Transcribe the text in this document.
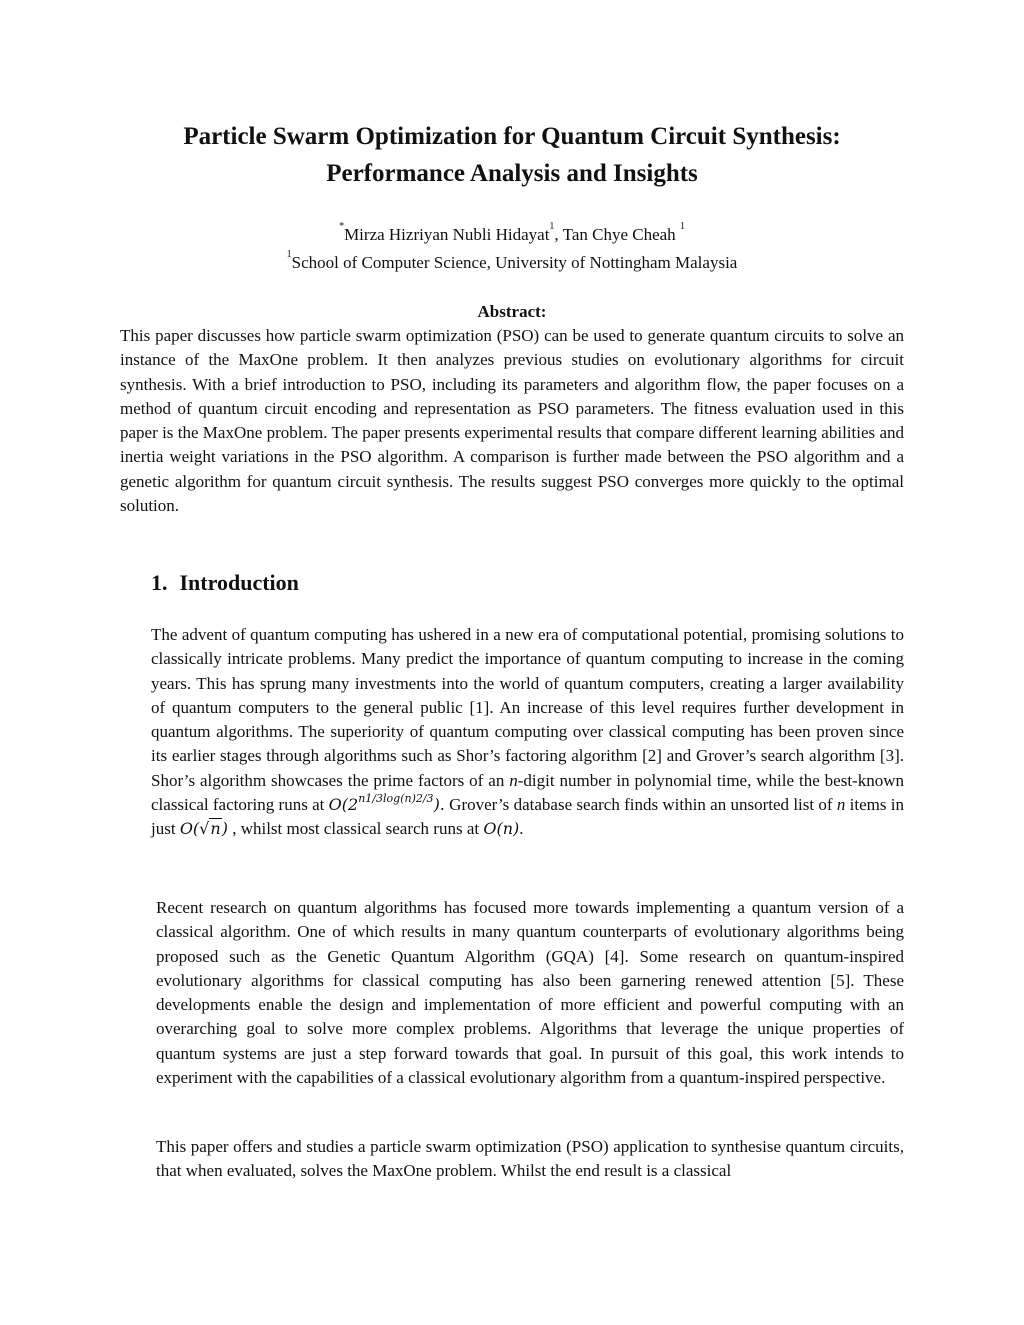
Particle Swarm Optimization for Quantum Circuit Synthesis:
Performance Analysis and Insights
*Mirza Hizriyan Nubli Hidayat$^1$, Tan Chye Cheah $^1$
$^1$School of Computer Science, University of Nottingham Malaysia
Abstract:

This paper discusses how particle swarm optimization (PSO) can be used to generate quantum circuits to solve an instance of the MaxOne problem. It then analyzes previous studies on evolutionary algorithms for circuit synthesis. With a brief introduction to PSO, including its parameters and algorithm flow, the paper focuses on a method of quantum circuit encoding and representation as PSO parameters. The fitness evaluation used in this paper is the MaxOne problem. The paper presents experimental results that compare different learning abilities and inertia weight variations in the PSO algorithm. A comparison is further made between the PSO algorithm and a genetic algorithm for quantum circuit synthesis. The results suggest PSO converges more quickly to the optimal solution.

1. Introduction

The advent of quantum computing has ushered in a new era of computational potential, promising solutions to classically intricate problems. Many predict the importance of quantum computing to increase in the coming years. This has sprung many investments into the world of quantum computers, creating a larger availability of quantum computers to the general public [1]. An increase of this level requires further development in quantum algorithms. The superiority of quantum computing over classical computing has been proven since its earlier stages through algorithms such as Shor’s factoring algorithm [2] and Grover’s search algorithm [3]. Shor’s algorithm showcases the prime factors of an n-digit number in polynomial time, while the best-known classical factoring runs at $O(2^{n1/3log(n)2/3})$. Grover’s database search finds within an unsorted list of n items in just O(√n) , whilst most classical search runs at O(n).

Recent research on quantum algorithms has focused more towards implementing a quantum version of a classical algorithm. One of which results in many quantum counterparts of evolutionary algorithms being proposed such as the Genetic Quantum Algorithm (GQA) [4]. Some research on quantum-inspired evolutionary algorithms for classical computing has also been garnering renewed attention [5]. These developments enable the design and implementation of more efficient and powerful computing with an overarching goal to solve more complex problems. Algorithms that leverage the unique properties of quantum systems are just a step forward towards that goal. In pursuit of this goal, this work intends to experiment with the capabilities of a classical evolutionary algorithm from a quantum-inspired perspective.

This paper offers and studies a particle swarm optimization (PSO) application to synthesise quantum circuits, that when evaluated, solves the MaxOne problem. Whilst the end result is a classical
